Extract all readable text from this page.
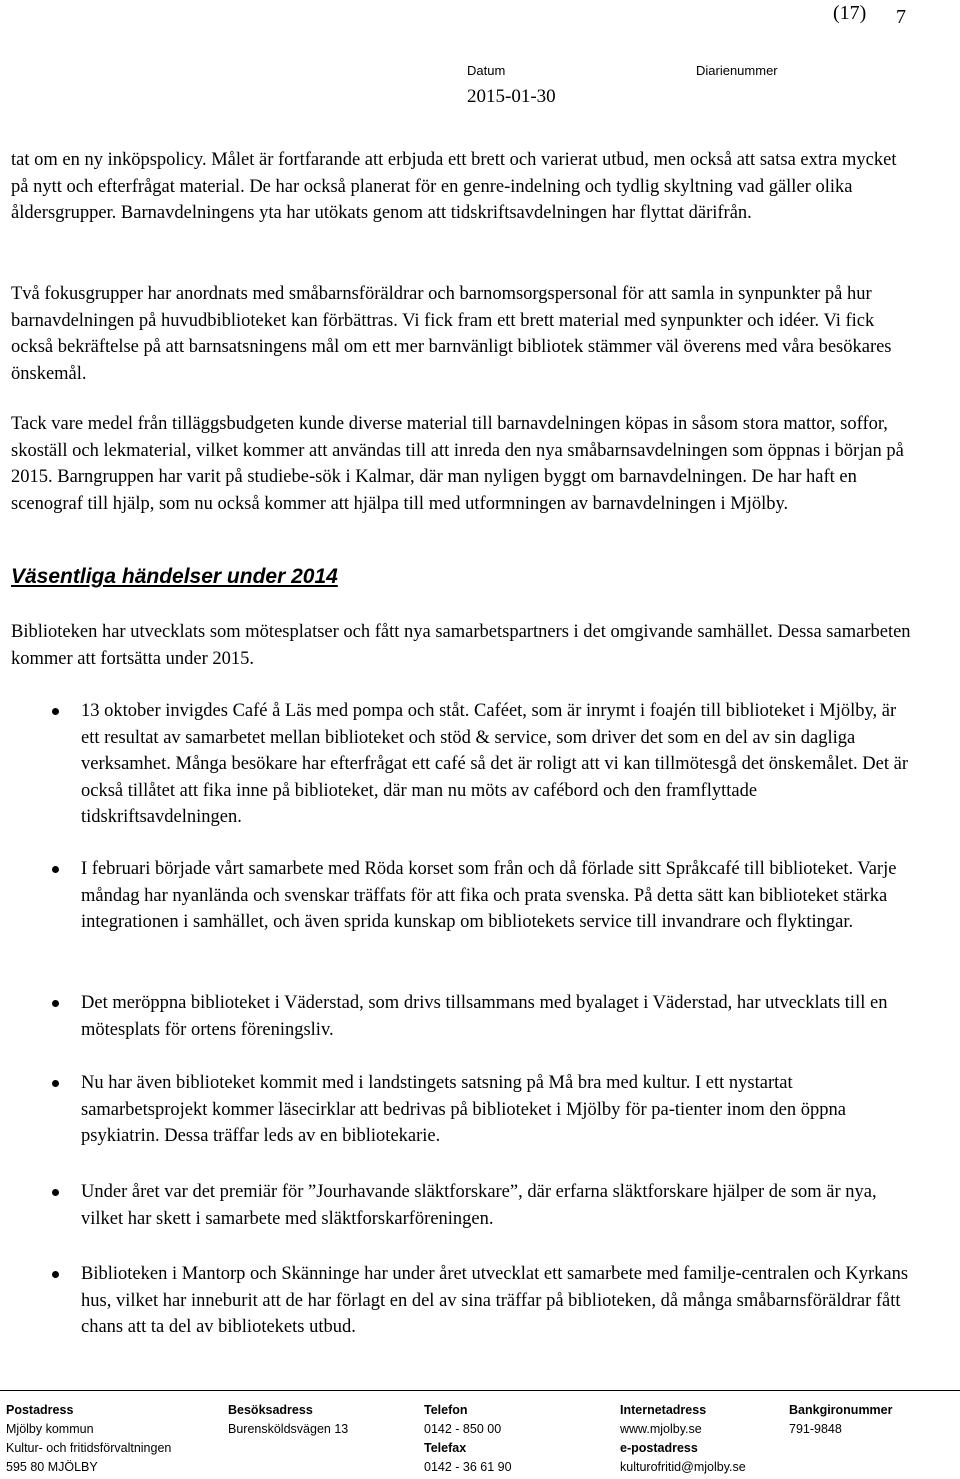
(17) 7
Datum	Diarienummer
2015-01-30

tat om en ny inköpspolicy. Målet är fortfarande att erbjuda ett brett och varierat utbud, men också att satsa extra mycket på nytt och efterfrågat material. De har också planerat för en genre-indelning och tydlig skyltning vad gäller olika åldersgrupper. Barnavdelningens yta har utökats genom att tidskriftsavdelningen har flyttat därifrån.

Två fokusgrupper har anordnats med småbarnsföräldrar och barnomsorgspersonal för att samla in synpunkter på hur barnavdelningen på huvudbiblioteket kan förbättras. Vi fick fram ett brett material med synpunkter och idéer. Vi fick också bekräftelse på att barnsatsningens mål om ett mer barnvänligt bibliotek stämmer väl överens med våra besökares önskemål.

Tack vare medel från tilläggsbudgeten kunde diverse material till barnavdelningen köpas in såsom stora mattor, soffor, skoställ och lekmaterial, vilket kommer att användas till att inreda den nya småbarnsavdelningen som öppnas i början på 2015. Barngruppen har varit på studiebe-sök i Kalmar, där man nyligen byggt om barnavdelningen. De har haft en scenograf till hjälp, som nu också kommer att hjälpa till med utformningen av barnavdelningen i Mjölby.

Väsentliga händelser under 2014

Biblioteken har utvecklats som mötesplatser och fått nya samarbetspartners i det omgivande samhället. Dessa samarbeten kommer att fortsätta under 2015.

13 oktober invigdes Café å Läs med pompa och ståt. Caféet, som är inrymt i foajén till biblioteket i Mjölby, är ett resultat av samarbetet mellan biblioteket och stöd & service, som driver det som en del av sin dagliga verksamhet. Många besökare har efterfrågat ett café så det är roligt att vi kan tillmötesgå det önskemålet. Det är också tillåtet att fika inne på biblioteket, där man nu möts av cafébord och den framflyttade tidskriftsavdelningen.

I februari började vårt samarbete med Röda korset som från och då förlade sitt Språkcafé till biblioteket. Varje måndag har nyanlända och svenskar träffats för att fika och prata svenska. På detta sätt kan biblioteket stärka integrationen i samhället, och även sprida kunskap om bibliotekets service till invandrare och flyktingar.

Det meröppna biblioteket i Väderstad, som drivs tillsammans med byalaget i Väderstad, har utvecklats till en mötesplats för ortens föreningsliv.

Nu har även biblioteket kommit med i landstingets satsning på Må bra med kultur. I ett nystartat samarbetsprojekt kommer läsecirklar att bedrivas på biblioteket i Mjölby för pa-tienter inom den öppna psykiatrin. Dessa träffar leds av en bibliotekarie.

Under året var det premiär för ”Jourhavande släktforskare”, där erfarna släktforskare hjälper de som är nya, vilket har skett i samarbete med släktforskarföreningen.

Biblioteken i Mantorp och Skänninge har under året utvecklat ett samarbete med familje-centralen och Kyrkans hus, vilket har inneburit att de har förlagt en del av sina träffar på biblioteken, då många småbarnsföräldrar fått chans att ta del av bibliotekets utbud.

Postadress
Mjölby kommun
Kultur- och fritidsförvaltningen
595 80 MJÖLBY
Besöksadress
Burensköldsvägen 13
Telefon
0142 - 850 00
Telefax
0142 - 36 61 90
Internetadress
www.mjolby.se
e-postadress
kulturofritid@mjolby.se
Bankgironummer
791-9848
